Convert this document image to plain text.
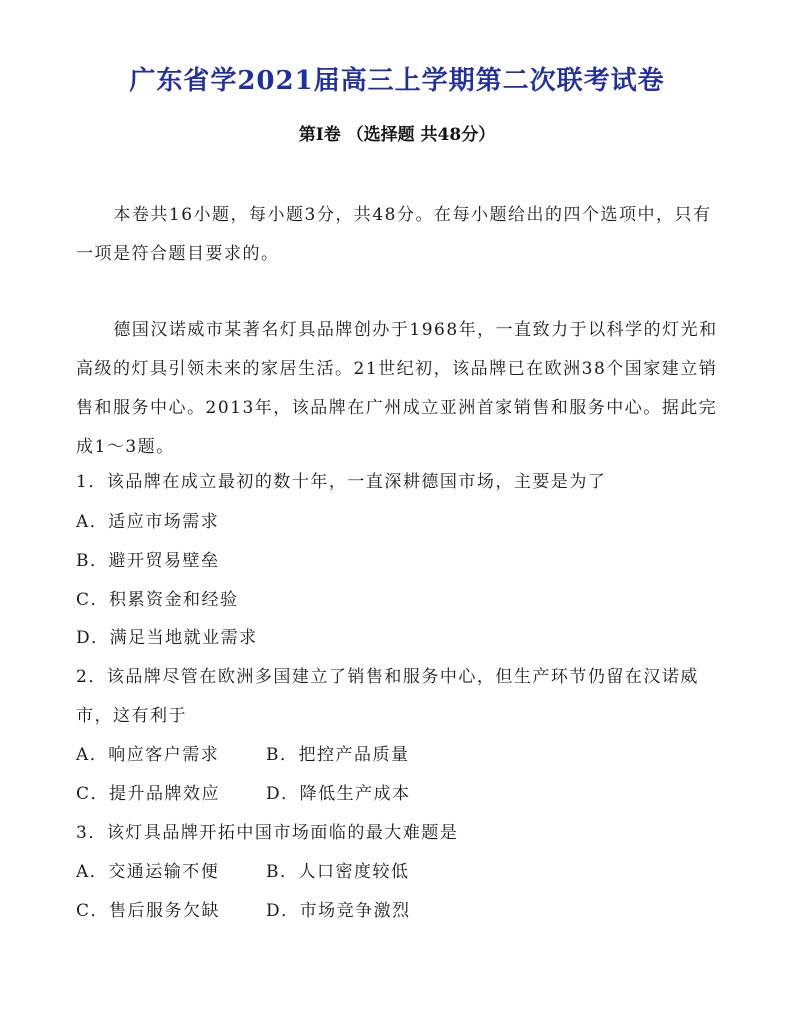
广东省学2021届高三上学期第二次联考试卷
第Ⅰ卷 （选择题 共48分）
本卷共16小题，每小题3分，共48分。在每小题给出的四个选项中，只有一项是符合题目要求的。
德国汉诺威市某著名灯具品牌创办于1968年，一直致力于以科学的灯光和高级的灯具引领未来的家居生活。21世纪初，该品牌已在欧洲38个国家建立销售和服务中心。2013年，该品牌在广州成立亚洲首家销售和服务中心。据此完成1～3题。
1．该品牌在成立最初的数十年，一直深耕德国市场，主要是为了
A．适应市场需求
B．避开贸易壁垒
C．积累资金和经验
D．满足当地就业需求
2．该品牌尽管在欧洲多国建立了销售和服务中心，但生产环节仍留在汉诺威市，这有利于
A．响应客户需求	B．把控产品质量
C．提升品牌效应	D．降低生产成本
3．该灯具品牌开拓中国市场面临的最大难题是
A．交通运输不便	B．人口密度较低
C．售后服务欠缺	D．市场竞争激烈
